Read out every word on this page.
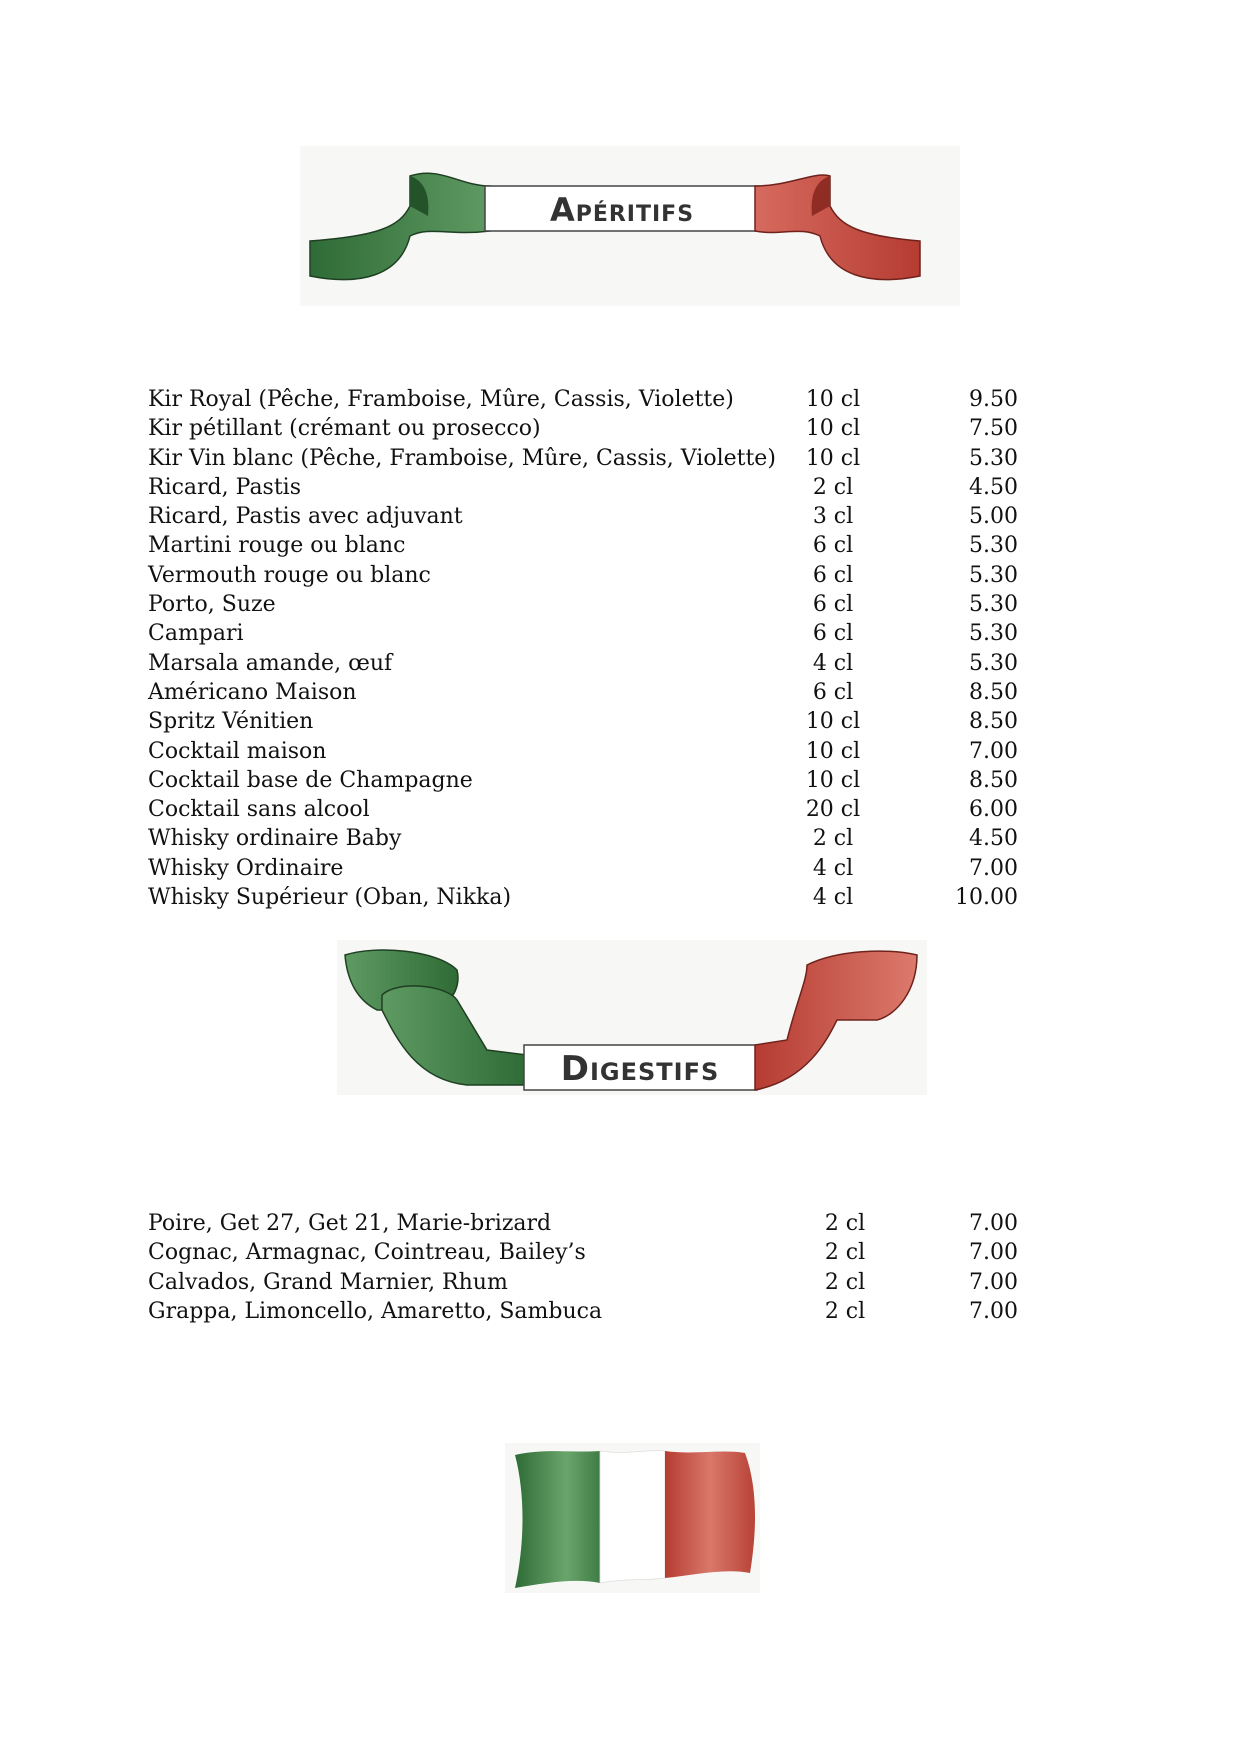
Apéritifs
Kir Royal (Pêche, Framboise, Mûre, Cassis, Violette)	10 cl	9.50
Kir pétillant (crémant ou prosecco)	10 cl	7.50
Kir Vin blanc (Pêche, Framboise, Mûre, Cassis, Violette)	10 cl	5.30
Ricard, Pastis	2 cl	4.50
Ricard, Pastis avec adjuvant	3 cl	5.00
Martini rouge ou blanc	6 cl	5.30
Vermouth rouge ou blanc	6 cl	5.30
Porto, Suze	6 cl	5.30
Campari	6 cl	5.30
Marsala amande, œuf	4 cl	5.30
Américano Maison	6 cl	8.50
Spritz Vénitien	10 cl	8.50
Cocktail maison	10 cl	7.00
Cocktail base de Champagne	10 cl	8.50
Cocktail sans alcool	20 cl	6.00
Whisky ordinaire Baby	2 cl	4.50
Whisky Ordinaire	4 cl	7.00
Whisky Supérieur (Oban, Nikka)	4 cl	10.00
Digestifs
Poire, Get 27, Get 21, Marie-brizard	2 cl	7.00
Cognac, Armagnac, Cointreau, Bailey’s	2 cl	7.00
Calvados, Grand Marnier, Rhum	2 cl	7.00
Grappa, Limoncello, Amaretto, Sambuca	2 cl	7.00
